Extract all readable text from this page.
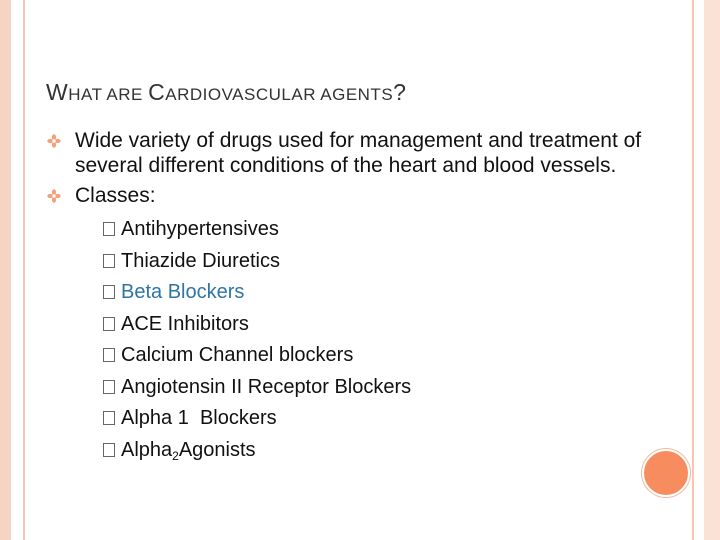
WHAT ARE CARDIOVASCULAR AGENTS?
Wide variety of drugs used for management and treatment of several different conditions of the heart and blood vessels.
Classes:
Antihypertensives
Thiazide Diuretics
Beta Blockers
ACE Inhibitors
Calcium Channel blockers
Angiotensin II Receptor Blockers
Alpha 1  Blockers
Alpha$_2$Agonists
